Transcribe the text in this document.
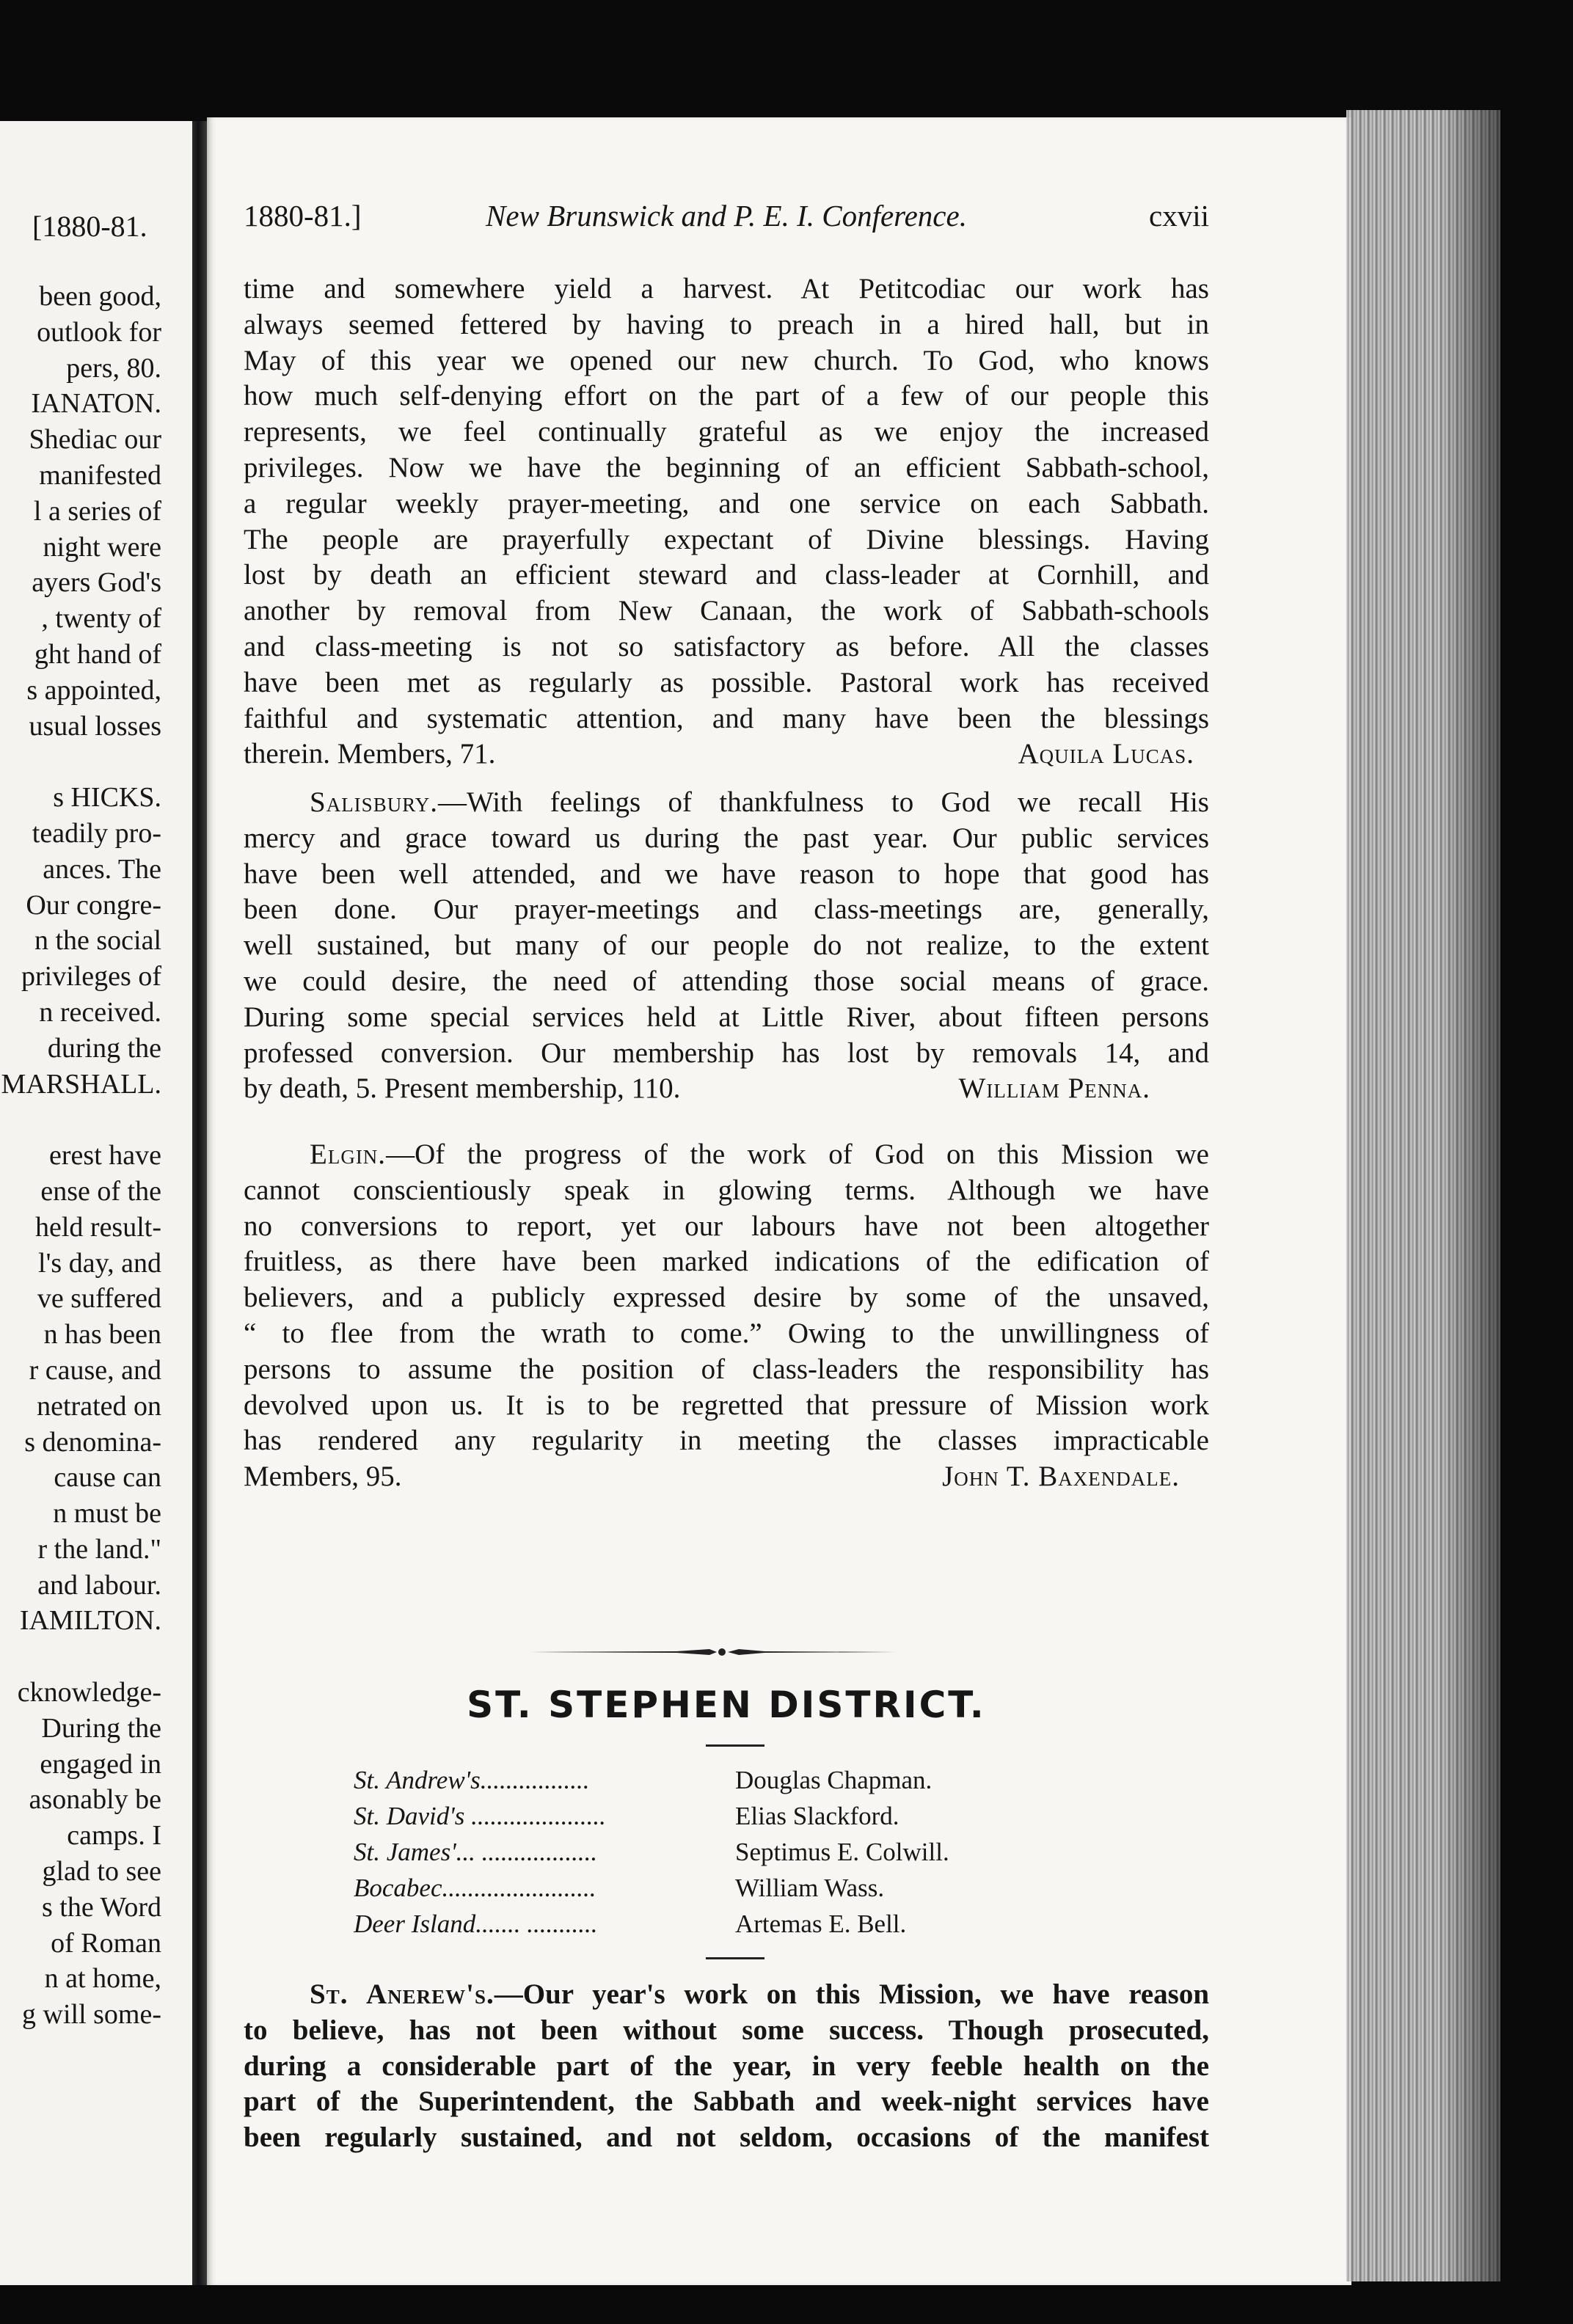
[1880-81.
been good,
outlook for
pers, 80.
IANATON.
Shediac our
manifested
l a series of
night were
ayers God's
, twenty of
ght hand of
s appointed,
usual losses
s HICKS.
teadily pro-
ances. The
Our congre-
n the social
privileges of
n received.
during the
MARSHALL.
erest have
ense of the
held result-
l's day, and
ve suffered
n has been
r cause, and
netrated on
s denomina-
cause can
n must be
r the land."
and labour.
IAMILTON.
cknowledge-
During the
engaged in
asonably be
camps. I
glad to see
s the Word
of Roman
n at home,
g will some-
1880-81.]	New Brunswick and P. E. I. Conference.	cxvii
time and somewhere yield a harvest. At Petitcodiac our work has
always seemed fettered by having to preach in a hired hall, but in
May of this year we opened our new church. To God, who knows
how much self-denying effort on the part of a few of our people this
represents, we feel continually grateful as we enjoy the increased
privileges. Now we have the beginning of an efficient Sabbath-school,
a regular weekly prayer-meeting, and one service on each Sabbath.
The people are prayerfully expectant of Divine blessings. Having
lost by death an efficient steward and class-leader at Cornhill, and
another by removal from New Canaan, the work of Sabbath-schools
and class-meeting is not so satisfactory as before. All the classes
have been met as regularly as possible. Pastoral work has received
faithful and systematic attention, and many have been the blessings
therein. Members, 71.	Aquila Lucas.
Salisbury.—With feelings of thankfulness to God we recall His
mercy and grace toward us during the past year. Our public services
have been well attended, and we have reason to hope that good has
been done. Our prayer-meetings and class-meetings are, generally,
well sustained, but many of our people do not realize, to the extent
we could desire, the need of attending those social means of grace.
During some special services held at Little River, about fifteen persons
professed conversion. Our membership has lost by removals 14, and
by death, 5. Present membership, 110.	William Penna.
Elgin.—Of the progress of the work of God on this Mission we
cannot conscientiously speak in glowing terms. Although we have
no conversions to report, yet our labours have not been altogether
fruitless, as there have been marked indications of the edification of
believers, and a publicly expressed desire by some of the unsaved,
“ to flee from the wrath to come.” Owing to the unwillingness of
persons to assume the position of class-leaders the responsibility has
devolved upon us. It is to be regretted that pressure of Mission work
has rendered any regularity in meeting the classes impracticable
Members, 95.	John T. Baxendale.
ST. STEPHEN DISTRICT.
St. Andrew's.................	Douglas Chapman.
St. David's .....................	Elias Slackford.
St. James'... ..................	Septimus E. Colwill.
Bocabec........................	William Wass.
Deer Island....... ...........	Artemas E. Bell.
St. Anerew's.—Our year's work on this Mission, we have reason
to believe, has not been without some success. Though prosecuted,
during a considerable part of the year, in very feeble health on the
part of the Superintendent, the Sabbath and week-night services have
been regularly sustained, and not seldom, occasions of the manifest
